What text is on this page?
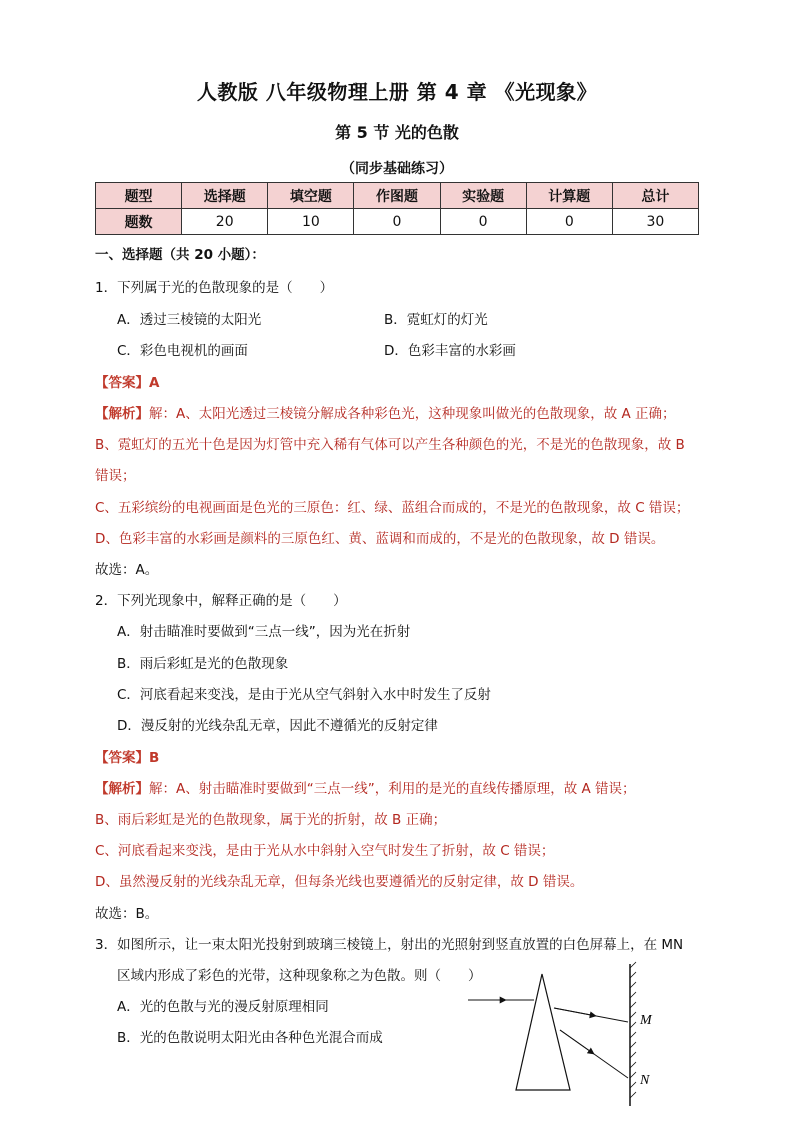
人教版 八年级物理上册 第 4 章 《光现象》
第 5 节 光的色散
（同步基础练习）
题型	选择题	填空题	作图题	实验题	计算题	总计
题数	20	10	0	0	0	30
一、选择题（共 20 小题）：
1．下列属于光的色散现象的是（　　）
A．透过三棱镜的太阳光	B．霓虹灯的灯光
C．彩色电视机的画面	D．色彩丰富的水彩画
【答案】A
【解析】解：A、太阳光透过三棱镜分解成各种彩色光，这种现象叫做光的色散现象，故 A 正确；
B、霓虹灯的五光十色是因为灯管中充入稀有气体可以产生各种颜色的光，不是光的色散现象，故 B
错误；
C、五彩缤纷的电视画面是色光的三原色：红、绿、蓝组合而成的，不是光的色散现象，故 C 错误；
D、色彩丰富的水彩画是颜料的三原色红、黄、蓝调和而成的，不是光的色散现象，故 D 错误。
故选：A。
2．下列光现象中，解释正确的是（　　）
A．射击瞄准时要做到“三点一线”，因为光在折射
B．雨后彩虹是光的色散现象
C．河底看起来变浅，是由于光从空气斜射入水中时发生了反射
D．漫反射的光线杂乱无章，因此不遵循光的反射定律
【答案】B
【解析】解：A、射击瞄准时要做到“三点一线”，利用的是光的直线传播原理，故 A 错误；
B、雨后彩虹是光的色散现象，属于光的折射，故 B 正确；
C、河底看起来变浅，是由于光从水中斜射入空气时发生了折射，故 C 错误；
D、虽然漫反射的光线杂乱无章，但每条光线也要遵循光的反射定律，故 D 错误。
故选：B。
3．如图所示，让一束太阳光投射到玻璃三棱镜上，射出的光照射到竖直放置的白色屏幕上，在 MN
区域内形成了彩色的光带，这种现象称之为色散。则（　　）
A．光的色散与光的漫反射原理相同
B．光的色散说明太阳光由各种色光混合而成
M
N
